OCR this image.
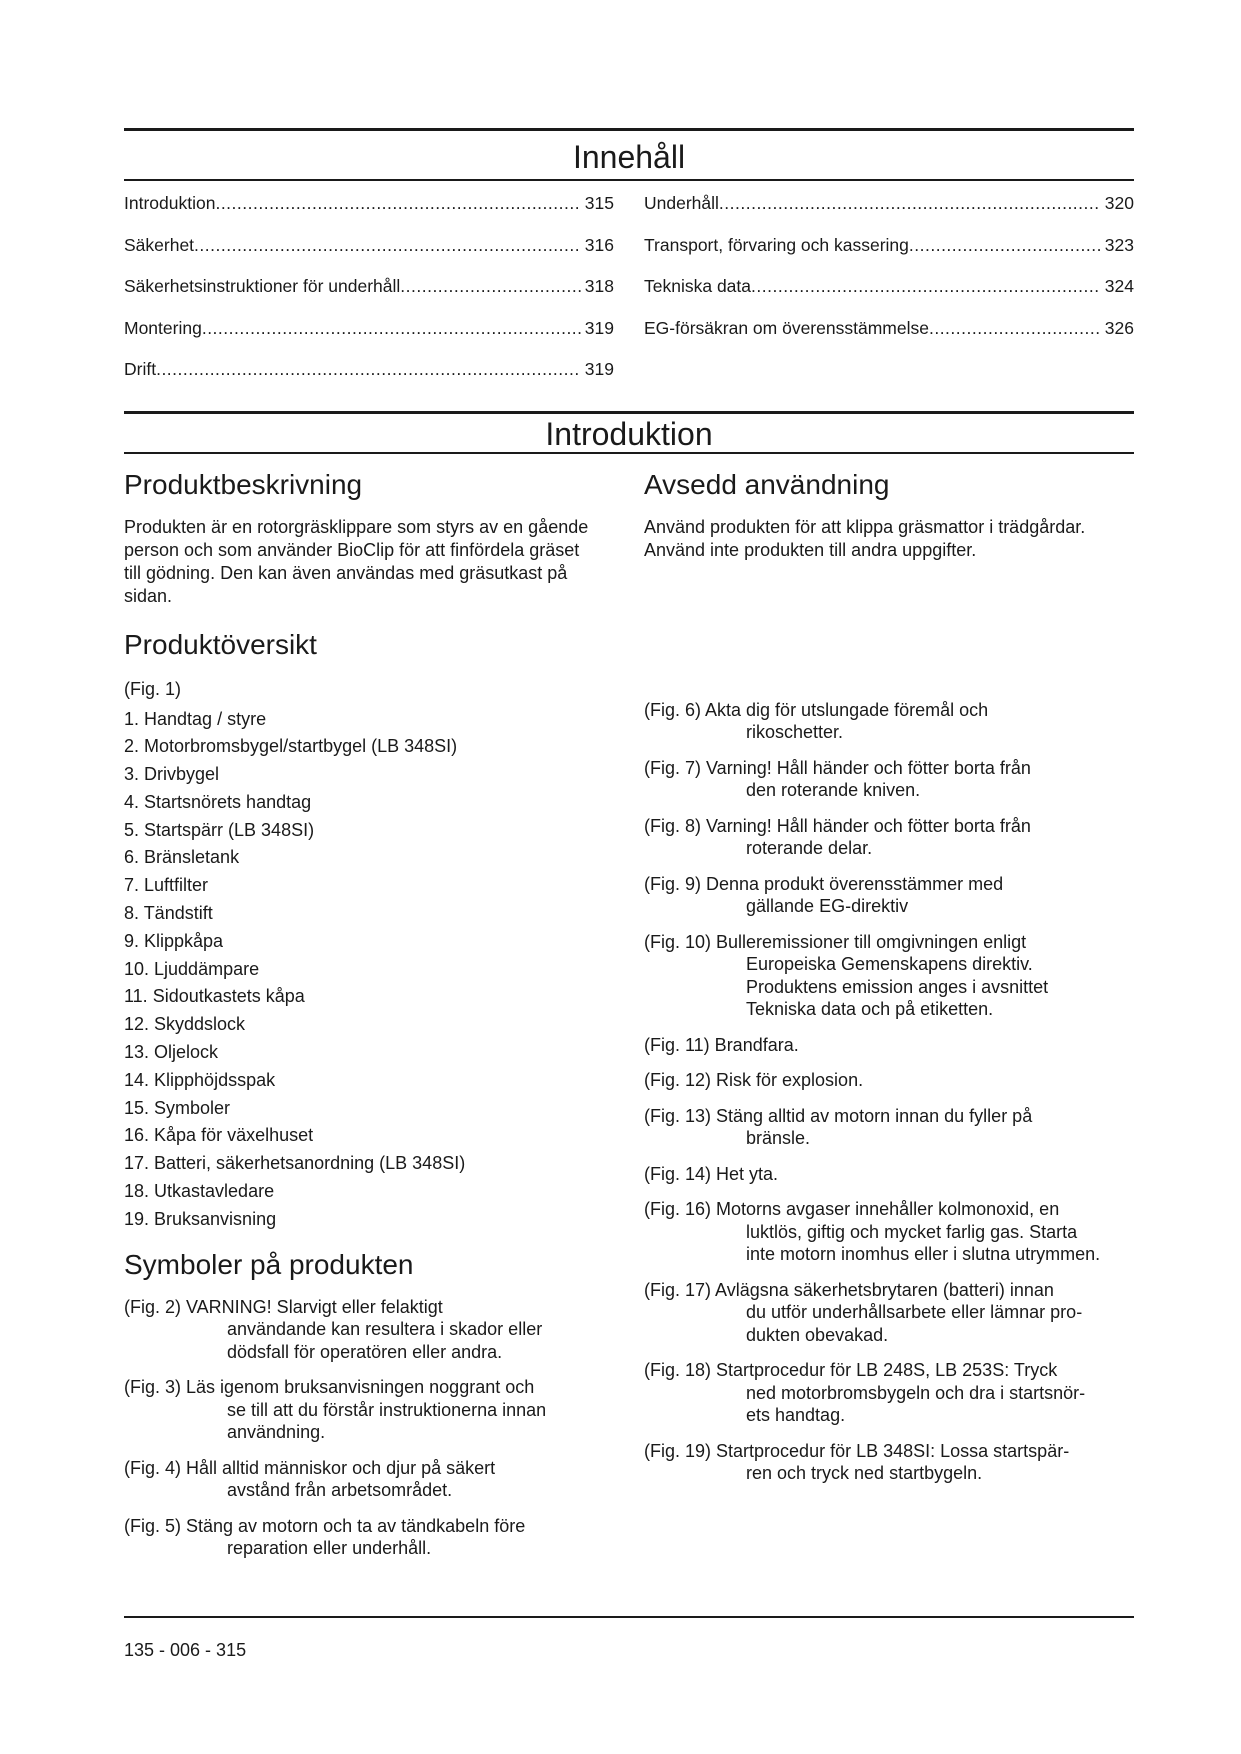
Innehåll
Introduktion .....	315
Säkerhet .....	316
Säkerhetsinstruktioner för underhåll .....	318
Montering .....	319
Drift .....	319
Underhåll .....	320
Transport, förvaring och kassering .....	323
Tekniska data .....	324
EG-försäkran om överensstämmelse .....	326
Introduktion
Produktbeskrivning

Produkten är en rotorgräsklippare som styrs av en gående person och som använder BioClip för att finfördela gräset till gödning. Den kan även användas med gräsutkast på sidan.

Produktöversikt

(Fig. 1)

1. Handtag / styre
2. Motorbromsbygel/startbygel (LB 348SI)
3. Drivbygel
4. Startsnörets handtag
5. Startspärr (LB 348SI)
6. Bränsletank
7. Luftfilter
8. Tändstift
9. Klippkåpa
10. Ljuddämpare
11. Sidoutkastets kåpa
12. Skyddslock
13. Oljelock
14. Klipphöjdsspak
15. Symboler
16. Kåpa för växelhuset
17. Batteri, säkerhetsanordning (LB 348SI)
18. Utkastavledare
19. Bruksanvisning
Symboler på produkten

(Fig. 2) VARNING! Slarvigt eller felaktigt
användande kan resultera i skador eller
dödsfall för operatören eller andra.

(Fig. 3) Läs igenom bruksanvisningen noggrant och
se till att du förstår instruktionerna innan
användning.

(Fig. 4) Håll alltid människor och djur på säkert
avstånd från arbetsområdet.

(Fig. 5) Stäng av motorn och ta av tändkabeln före
reparation eller underhåll.

Avsedd användning

Använd produkten för att klippa gräsmattor i trädgårdar.

Använd inte produkten till andra uppgifter.

(Fig. 6) Akta dig för utslungade föremål och
rikoschetter.

(Fig. 7) Varning! Håll händer och fötter borta från
den roterande kniven.

(Fig. 8) Varning! Håll händer och fötter borta från
roterande delar.

(Fig. 9) Denna produkt överensstämmer med
gällande EG-direktiv

(Fig. 10) Bulleremissioner till omgivningen enligt
Europeiska Gemenskapens direktiv.
Produktens emission anges i avsnittet
Tekniska data och på etiketten.

(Fig. 11) Brandfara.

(Fig. 12) Risk för explosion.

(Fig. 13) Stäng alltid av motorn innan du fyller på
bränsle.

(Fig. 14) Het yta.

(Fig. 16) Motorns avgaser innehåller kolmonoxid, en
luktlös, giftig och mycket farlig gas. Starta
inte motorn inomhus eller i slutna utrymmen.

(Fig. 17) Avlägsna säkerhetsbrytaren (batteri) innan
du utför underhållsarbete eller lämnar pro-
dukten obevakad.

(Fig. 18) Startprocedur för LB 248S, LB 253S: Tryck
ned motorbromsbygeln och dra i startsnör-
ets handtag.

(Fig. 19) Startprocedur för LB 348SI: Lossa startspär-
ren och tryck ned startbygeln.

135 - 006 - 315
